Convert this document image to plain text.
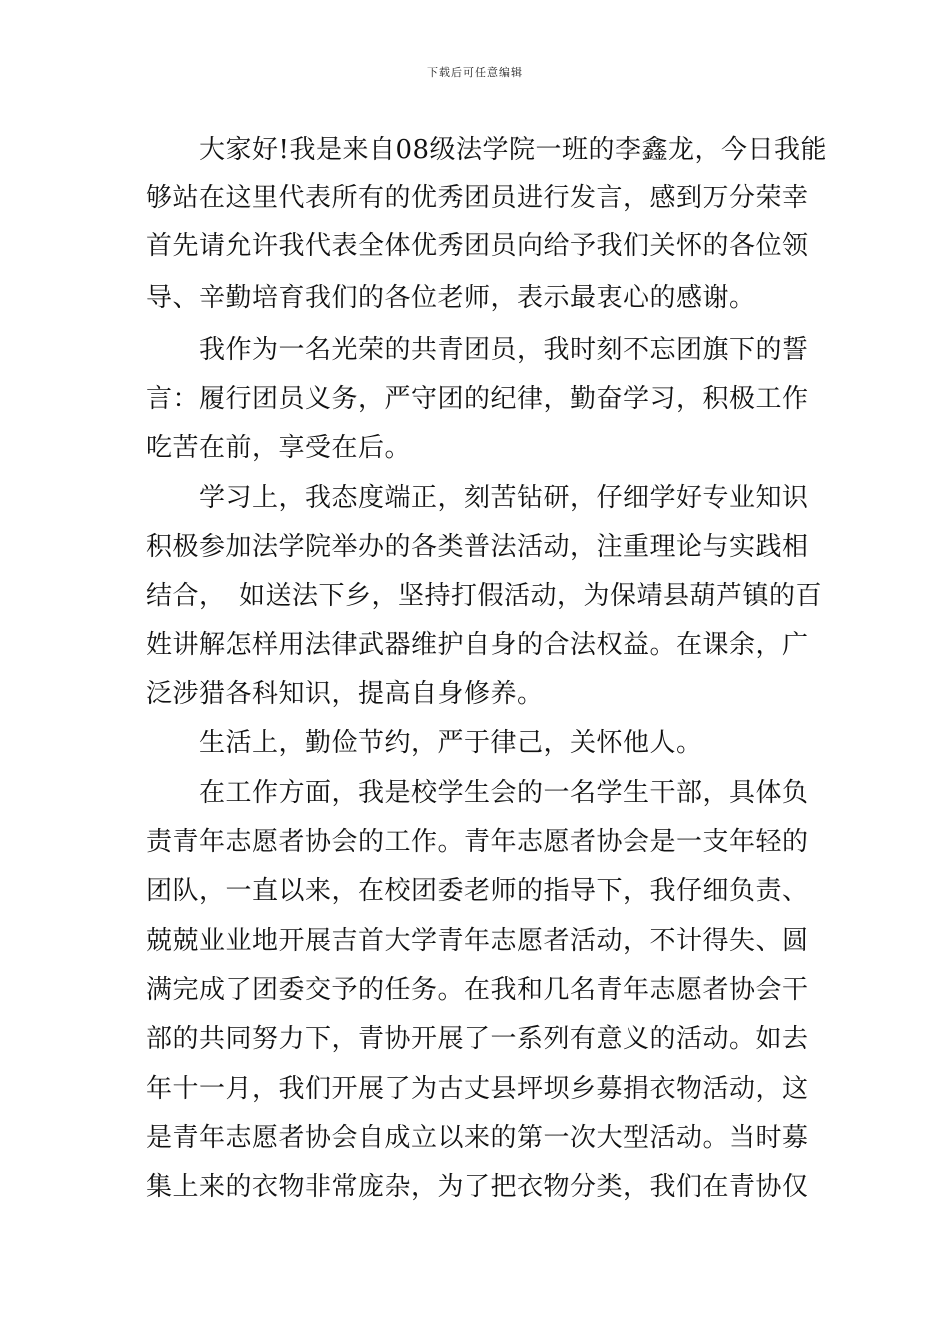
下载后可任意编辑
　　大家好!我是来自08级法学院一班的李鑫龙，今日我能
够站在这里代表所有的优秀团员进行发言，感到万分荣幸
首先请允许我代表全体优秀团员向给予我们关怀的各位领
导、辛勤培育我们的各位老师，表示最衷心的感谢。
　　我作为一名光荣的共青团员，我时刻不忘团旗下的誓
言：履行团员义务，严守团的纪律，勤奋学习，积极工作
吃苦在前，享受在后。
　　学习上，我态度端正，刻苦钻研，仔细学好专业知识
积极参加法学院举办的各类普法活动，注重理论与实践相
结合，　如送法下乡，坚持打假活动，为保靖县葫芦镇的百
姓讲解怎样用法律武器维护自身的合法权益。在课余，广
泛涉猎各科知识，提高自身修养。
　　生活上，勤俭节约，严于律己，关怀他人。
　　在工作方面，我是校学生会的一名学生干部，具体负
责青年志愿者协会的工作。青年志愿者协会是一支年轻的
团队，一直以来，在校团委老师的指导下，我仔细负责、
兢兢业业地开展吉首大学青年志愿者活动，不计得失、圆
满完成了团委交予的任务。在我和几名青年志愿者协会干
部的共同努力下，青协开展了一系列有意义的活动。如去
年十一月，我们开展了为古丈县坪坝乡募捐衣物活动，这
是青年志愿者协会自成立以来的第一次大型活动。当时募
集上来的衣物非常庞杂，为了把衣物分类，我们在青协仅
